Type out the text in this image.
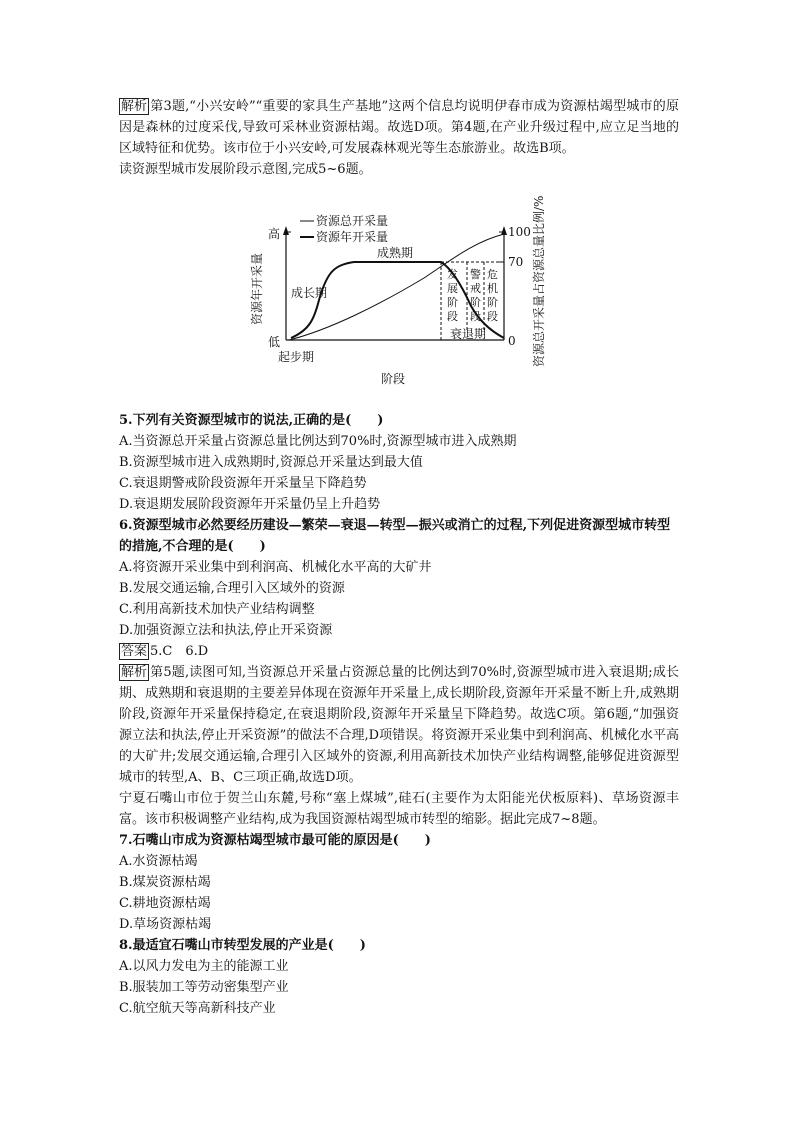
解析 第3题,“小兴安岭”“重要的家具生产基地”这两个信息均说明伊春市成为资源枯竭型城市的原因是森林的过度采伐,导致可采林业资源枯竭。故选D项。第4题,在产业升级过程中,应立足当地的区域特征和优势。该市位于小兴安岭,可发展森林观光等生态旅游业。故选B项。

读资源型城市发展阶段示意图,完成5~6题。

资源总开采量
资源年开采量
高
低
资源年开采量
100
70
0 资源总开采量占资源总量比例/%
成熟期
成长期
起步期
衰退期
发
展
阶
段
警
戒
阶
段
危
机
阶
段
阶段

5.下列有关资源型城市的说法,正确的是(　　)

A.当资源总开采量占资源总量比例达到70%时,资源型城市进入成熟期

B.资源型城市进入成熟期时,资源总开采量达到最大值

C.衰退期警戒阶段资源年开采量呈下降趋势

D.衰退期发展阶段资源年开采量仍呈上升趋势

6.资源型城市必然要经历建设—繁荣—衰退—转型—振兴或消亡的过程,下列促进资源型城市转型的措施,不合理的是(　　)

A.将资源开采业集中到利润高、机械化水平高的大矿井

B.发展交通运输,合理引入区域外的资源

C.利用高新技术加快产业结构调整

D.加强资源立法和执法,停止开采资源

答案 5.C　6.D

解析 第5题,读图可知,当资源总开采量占资源总量的比例达到70%时,资源型城市进入衰退期;成长期、成熟期和衰退期的主要差异体现在资源年开采量上,成长期阶段,资源年开采量不断上升,成熟期阶段,资源年开采量保持稳定,在衰退期阶段,资源年开采量呈下降趋势。故选C项。第6题,“加强资源立法和执法,停止开采资源”的做法不合理,D项错误。将资源开采业集中到利润高、机械化水平高的大矿井;发展交通运输,合理引入区域外的资源,利用高新技术加快产业结构调整,能够促进资源型城市的转型,A、B、C三项正确,故选D项。

宁夏石嘴山市位于贺兰山东麓,号称“塞上煤城”,硅石(主要作为太阳能光伏板原料)、草场资源丰富。该市积极调整产业结构,成为我国资源枯竭型城市转型的缩影。据此完成7~8题。

7.石嘴山市成为资源枯竭型城市最可能的原因是(　　)

A.水资源枯竭

B.煤炭资源枯竭

C.耕地资源枯竭

D.草场资源枯竭

8.最适宜石嘴山市转型发展的产业是(　　)

A.以风力发电为主的能源工业

B.服装加工等劳动密集型产业

C.航空航天等高新科技产业
